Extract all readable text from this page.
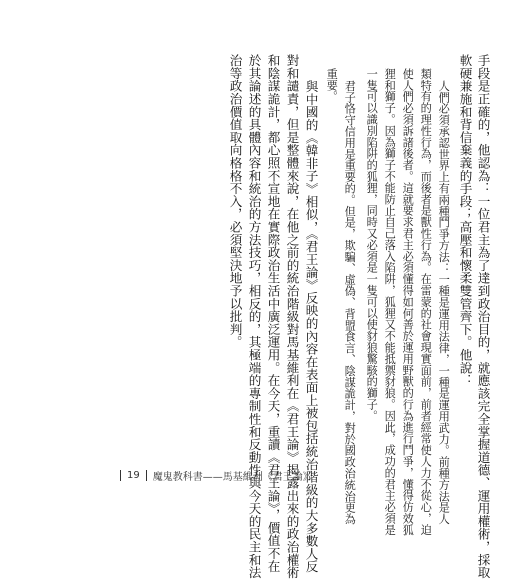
手段是正確的，他認為：一位君主為了達到政治目的，就應該完全掌握道德、運用權術，採取
軟硬兼施和背信棄義的手段；高壓和懷柔雙管齊下。他說：
人們必須承認世界上有兩種鬥爭方法：一種是運用法律，一種是運用武力。前種方法是人
類特有的理性行為，而後者是獸性行為。在雷蒙的社會現實面前，前者經常使人力不從心，迫
使人們必須訴諸後者。這就要求君主必須懂得如何善於運用野獸的行為進行鬥爭，懂得仿效狐
狸和獅子。因為獅子不能防止自己落入陷阱，狐狸又不能抵禦豺狼。因此，成功的君主必須是
一隻可以識別陷阱的狐狸，同時又必須是一隻可以使豺狼驚駭的獅子。
君子恪守信用是重要的。但是，欺騙、虛偽、背盟食言、陰謀詭計，對於國政治統治更為
重要。
與中國的《韓非子》相似，《君王論》反映的內容在表面上被包括統治階級的大多數人反
對和譴責，但是整體來說，在他之前的統治階級對馬基維利在《君王論》揭露出來的政治權術
和陰謀詭計，都心照不宣地在實際政治生活中廣泛運用。在今天，重讀《君王論》，價值不在
於其論述的具體內容和統治的方法技巧，相反的，其極端的專制性和反動性與今天的民主和法
治等政治價值取向格格不入，必須堅決地予以批判。
19 魔鬼教科書——馬基維利《君王論》
